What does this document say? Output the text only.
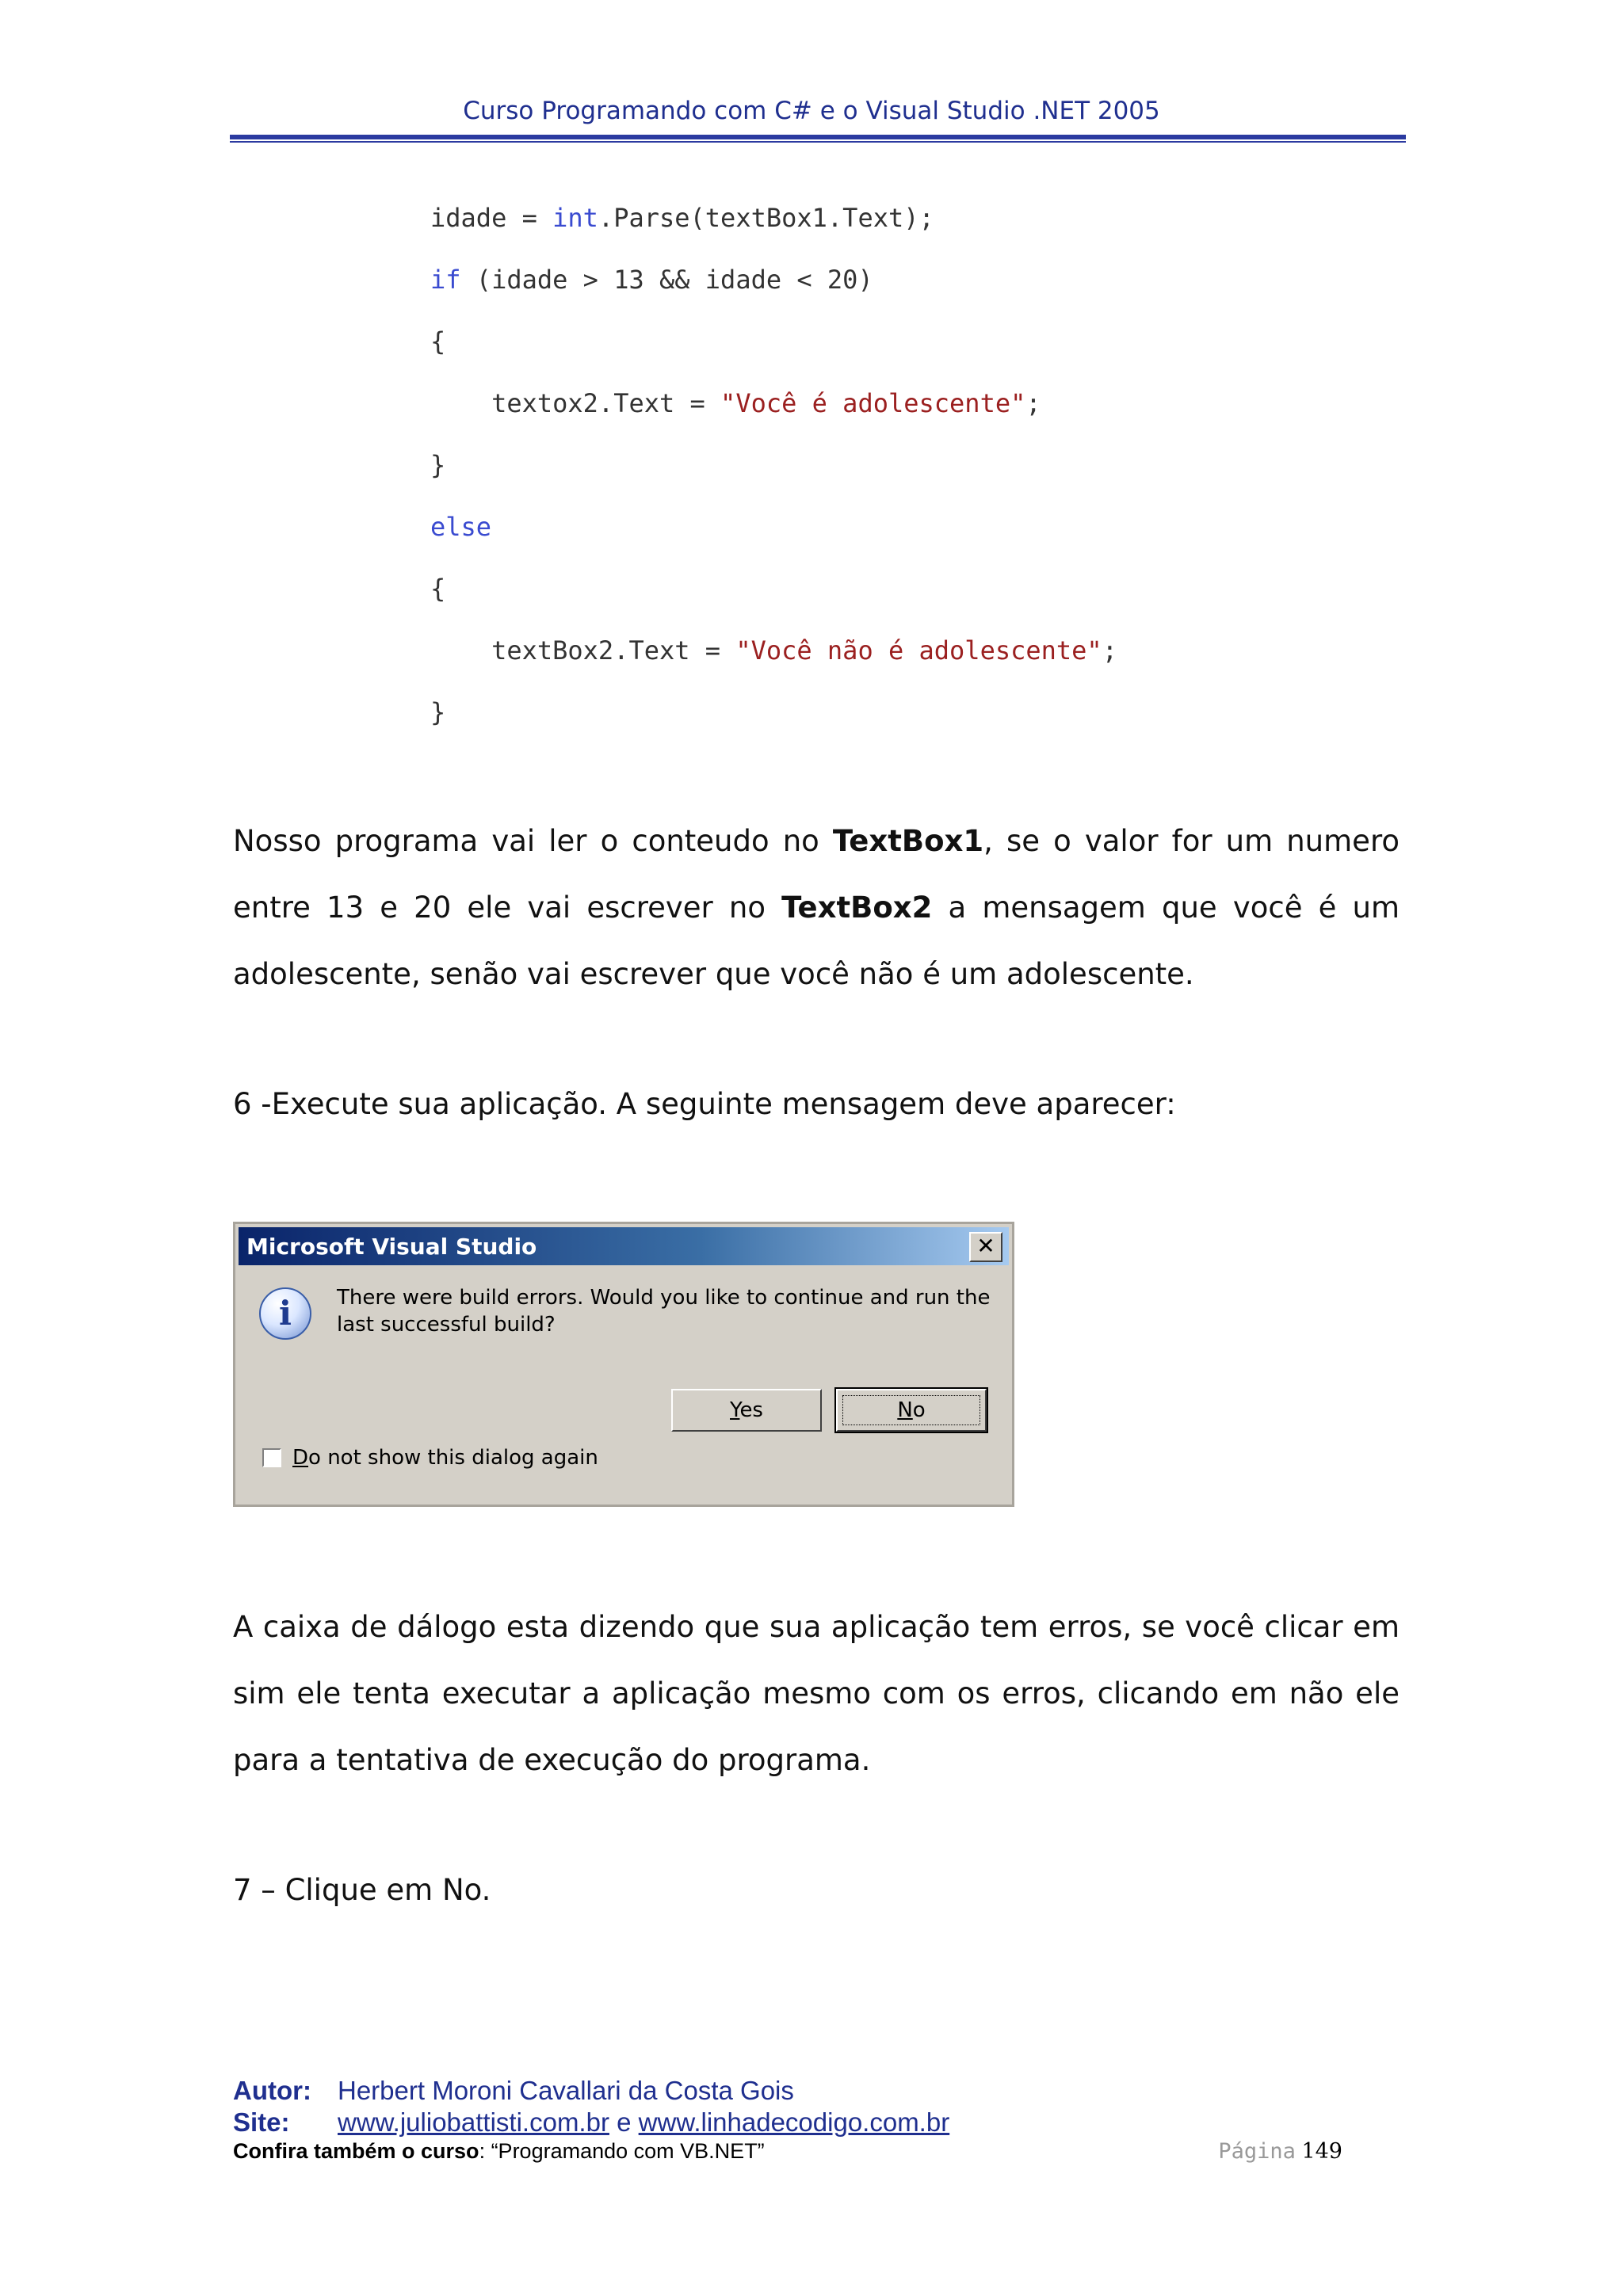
Curso Programando com C# e o Visual Studio .NET 2005
idade = int.Parse(textBox1.Text);
if (idade > 13 && idade < 20)
{
textox2.Text = "Você é adolescente";
}
else
{
textBox2.Text = "Você não é adolescente";
}
Nosso programa vai ler o conteudo no TextBox1, se o valor for um numero entre 13 e 20 ele vai escrever no TextBox2 a mensagem que você é um adolescente, senão vai escrever que você não é um adolescente.
6 -Execute sua aplicação. A seguinte mensagem deve aparecer:
Microsoft Visual Studio	✕
i	There were build errors. Would you like to continue and run the last successful build?
Yes	No
Do not show this dialog again
A caixa de dálogo esta dizendo que sua aplicação tem erros, se você clicar em sim ele tenta executar a aplicação mesmo com os erros, clicando em não ele para a tentativa de execução do programa.
7 – Clique em No.
Autor: Herbert Moroni Cavallari da Costa Gois
Site: www.juliobattisti.com.br e www.linhadecodigo.com.br
Confira também o curso: “Programando com VB.NET”	Página 149
